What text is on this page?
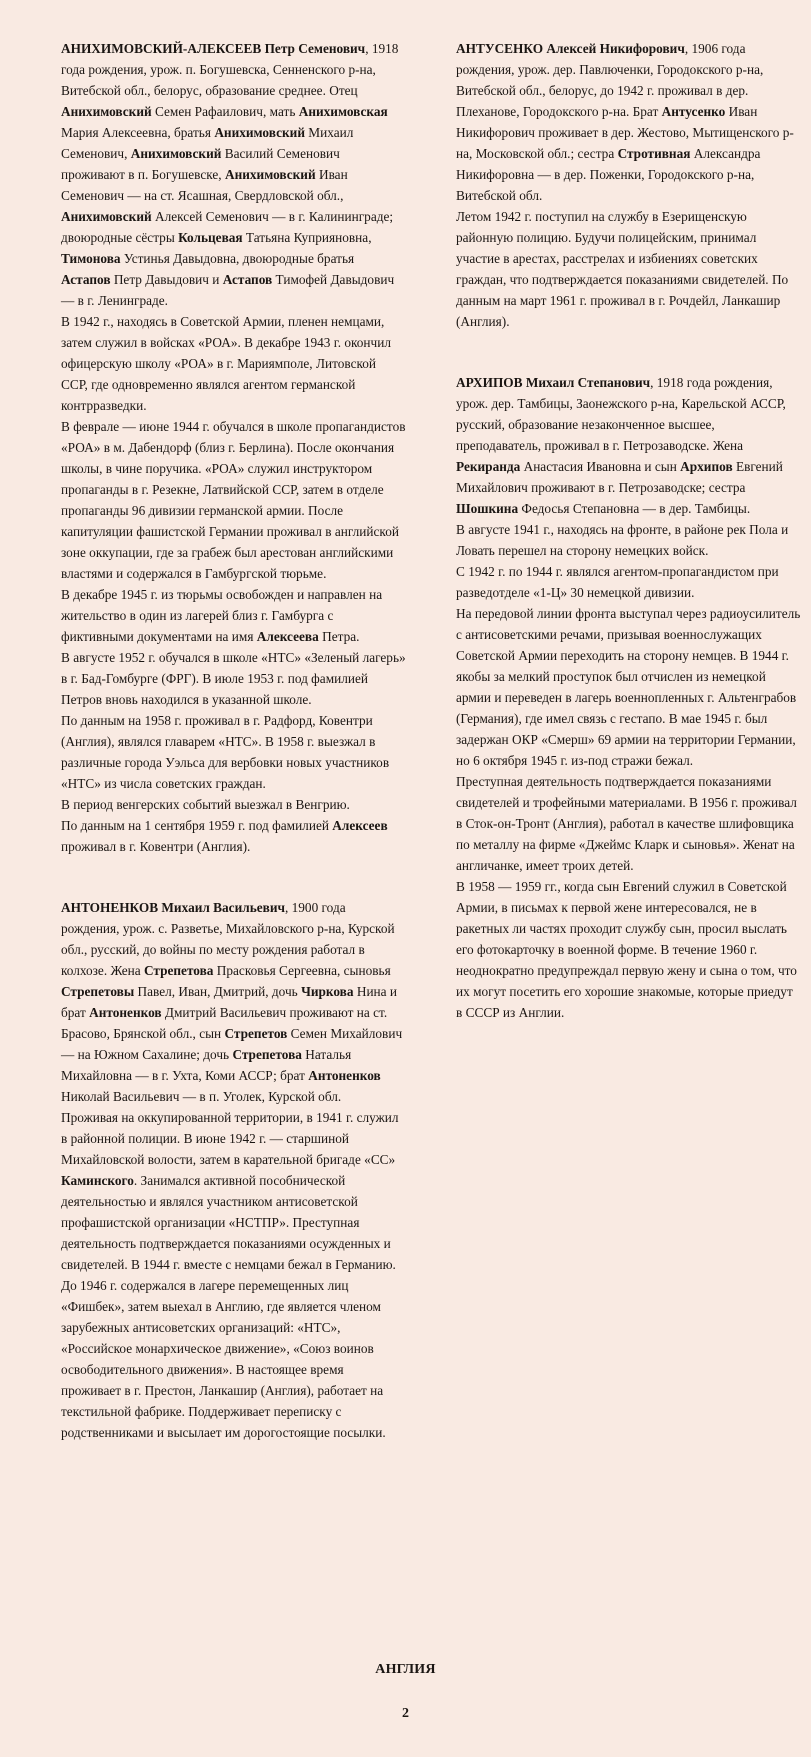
АНИХИМОВСКИЙ-АЛЕКСЕЕВ Петр Семенович, 1918 года рождения, урож. п. Богушевска, Сенненского р-на, Витебской обл., белорус, образование среднее. Отец Анихимовский Семен Рафаилович, мать Анихимовская Мария Алексеевна, братья Анихимовский Михаил Семенович, Анихимовский Василий Семенович проживают в п. Богушевске, Анихимовский Иван Семенович — на ст. Ясашная, Свердловской обл., Анихимовский Алексей Семенович — в г. Калининграде; двоюродные сёстры Кольцевая Татьяна Куприяновна, Тимонова Устинья Давыдовна, двоюродные братья Астапов Петр Давыдович и Астапов Тимофей Давыдович — в г. Ленинграде.

В 1942 г., находясь в Советской Армии, пленен немцами, затем служил в войсках «РОА». В декабре 1943 г. окончил офицерскую школу «РОА» в г. Мариямполе, Литовской ССР, где одновременно являлся агентом германской контрразведки.

В феврале — июне 1944 г. обучался в школе пропагандистов «РОА» в м. Дабендорф (близ г. Берлина). После окончания школы, в чине поручика. «РОА» служил инструктором пропаганды в г. Резекне, Латвийской ССР, затем в отделе пропаганды 96 дивизии германской армии. После капитуляции фашистской Германии проживал в английской зоне оккупации, где за грабеж был арестован английскими властями и содержался в Гамбургской тюрьме.

В декабре 1945 г. из тюрьмы освобожден и направлен на жительство в один из лагерей близ г. Гамбурга с фиктивными документами на имя Алексеева Петра.

В августе 1952 г. обучался в школе «НТС» «Зеленый лагерь» в г. Бад-Гомбурге (ФРГ). В июле 1953 г. под фамилией Петров вновь находился в указанной школе.

По данным на 1958 г. проживал в г. Радфорд, Ковентри (Англия), являлся главарем «НТС». В 1958 г. выезжал в различные города Уэльса для вербовки новых участников «НТС» из числа советских граждан.

В период венгерских событий выезжал в Венгрию.

По данным на 1 сентября 1959 г. под фамилией Алексеев проживал в г. Ковентри (Англия).

АНТОНЕНКОВ Михаил Васильевич, 1900 года рождения, урож. с. Разветье, Михайловского р-на, Курской обл., русский, до войны по месту рождения работал в колхозе. Жена Стрепетова Прасковья Сергеевна, сыновья Стрепетовы Павел, Иван, Дмитрий, дочь Чиркова Нина и брат Антоненков Дмитрий Васильевич проживают на ст. Брасово, Брянской обл., сын Стрепетов Семен Михайлович — на Южном Сахалине; дочь Стрепетова Наталья Михайловна — в г. Ухта, Коми АССР; брат Антоненков Николай Васильевич — в п. Уголек, Курской обл.

Проживая на оккупированной территории, в 1941 г. служил в районной полиции. В июне 1942 г. — старшиной Михайловской волости, затем в карательной бригаде «СС» Каминского. Занимался активной пособнической деятельностью и являлся участником антисоветской профашистской организации «НСТПР». Преступная деятельность подтверждается показаниями осужденных и свидетелей. В 1944 г. вместе с немцами бежал в Германию. До 1946 г. содержался в лагере перемещенных лиц «Фишбек», затем выехал в Англию, где является членом зарубежных антисоветских организаций: «НТС», «Российское монархическое движение», «Союз воинов освободительного движения». В настоящее время проживает в г. Престон, Ланкашир (Англия), работает на текстильной фабрике. Поддерживает переписку с родственниками и высылает им дорогостоящие посылки.

АНТУСЕНКО Алексей Никифорович, 1906 года рождения, урож. дер. Павлюченки, Городокского р-на, Витебской обл., белорус, до 1942 г. проживал в дер. Плеханове, Городокского р-на. Брат Антусенко Иван Никифорович проживает в дер. Жестово, Мытищенского р-на, Московской обл.; сестра Стротивная Александра Никифоровна — в дер. Поженки, Городокского р-на, Витебской обл.

Летом 1942 г. поступил на службу в Езерищенскую районную полицию. Будучи полицейским, принимал участие в арестах, расстрелах и избиениях советских граждан, что подтверждается показаниями свидетелей. По данным на март 1961 г. проживал в г. Рочдейл, Ланкашир (Англия).

АРХИПОВ Михаил Степанович, 1918 года рождения, урож. дер. Тамбицы, Заонежского р-на, Карельской АССР, русский, образование незаконченное высшее, преподаватель, проживал в г. Петрозаводске. Жена Рекиранда Анастасия Ивановна и сын Архипов Евгений Михайлович проживают в г. Петрозаводске; сестра Шошкина Федосья Степановна — в дер. Тамбицы.

В августе 1941 г., находясь на фронте, в районе рек Пола и Ловать перешел на сторону немецких войск.

С 1942 г. по 1944 г. являлся агентом-пропагандистом при разведотделе «1-Ц» 30 немецкой дивизии.

На передовой линии фронта выступал через радиоусилитель с антисоветскими речами, призывая военнослужащих Советской Армии переходить на сторону немцев. В 1944 г. якобы за мелкий проступок был отчислен из немецкой армии и переведен в лагерь военнопленных г. Альтенграбов (Германия), где имел связь с гестапо. В мае 1945 г. был задержан ОКР «Смерш» 69 армии на территории Германии, но 6 октября 1945 г. из-под стражи бежал.

Преступная деятельность подтверждается показаниями свидетелей и трофейными материалами. В 1956 г. проживал в Сток-он-Тронт (Англия), работал в качестве шлифовщика по металлу на фирме «Джеймс Кларк и сыновья». Женат на англичанке, имеет троих детей.

В 1958 — 1959 гг., когда сын Евгений служил в Советской Армии, в письмах к первой жене интересовался, не в ракетных ли частях проходит службу сын, просил выслать его фотокарточку в военной форме. В течение 1960 г. неоднократно предупреждал первую жену и сына о том, что их могут посетить его хорошие знакомые, которые приедут в СССР из Англии.

АНГЛИЯ
2
